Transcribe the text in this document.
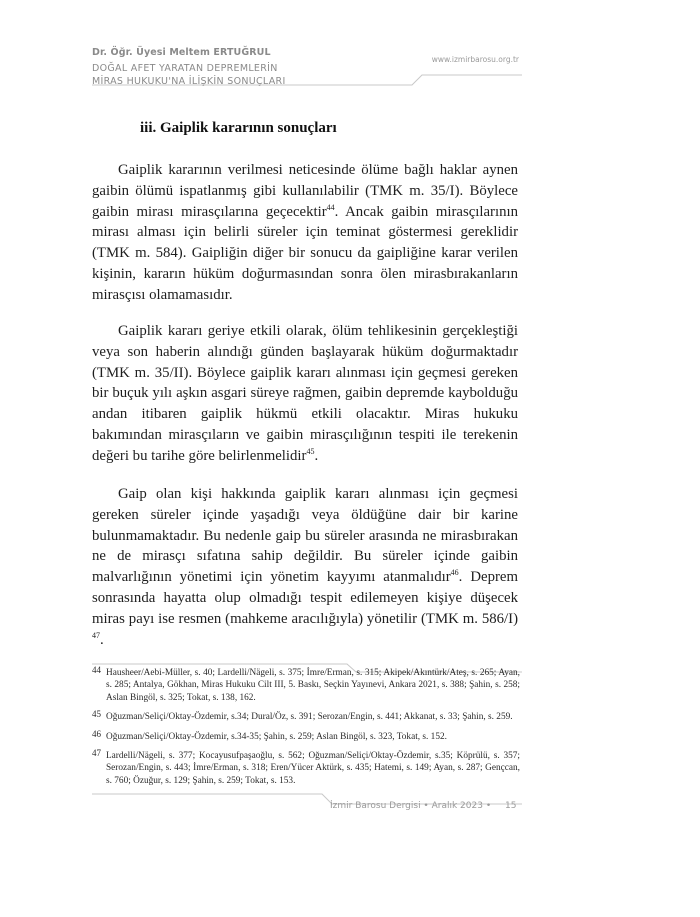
Dr. Öğr. Üyesi Meltem ERTUĞRUL
DOĞAL AFET YARATAN DEPREMLERİN
MİRAS HUKUKU'NA İLİŞKİN SONUÇLARI
www.izmirbarosu.org.tr
iii. Gaiplik kararının sonuçları

Gaiplik kararının verilmesi neticesinde ölüme bağlı haklar aynen gaibin ölümü ispatlanmış gibi kullanılabilir (TMK m. 35/I). Böylece gaibin mirası mirasçılarına geçecektir$^{44}$. Ancak gaibin mirasçılarının mirası alması için belirli süreler için teminat göstermesi gereklidir (TMK m. 584). Gaipliğin diğer bir sonucu da gaipliğine karar verilen kişinin, kararın hüküm doğurmasından sonra ölen mirasbırakanların mirasçısı olamamasıdır.

Gaiplik kararı geriye etkili olarak, ölüm tehlikesinin gerçekleştiği veya son haberin alındığı günden başlayarak hüküm doğurmaktadır (TMK m. 35/II). Böylece gaiplik kararı alınması için geçmesi gereken bir buçuk yılı aşkın asgari süreye rağmen, gaibin depremde kaybolduğu andan itibaren gaiplik hükmü etkili olacaktır. Miras hukuku bakımından mirasçıların ve gaibin mirasçılığının tespiti ile terekenin değeri bu tarihe göre belirlenmelidir$^{45}$.

Gaip olan kişi hakkında gaiplik kararı alınması için geçmesi gereken süreler içinde yaşadığı veya öldüğüne dair bir karine bulunmamaktadır. Bu nedenle gaip bu süreler arasında ne mirasbırakan ne de mirasçı sıfatına sahip değildir. Bu süreler içinde gaibin malvarlığının yönetimi için yönetim kayyımı atanmalıdır$^{46}$. Deprem sonrasında hayatta olup olmadığı tespit edilemeyen kişiye düşecek miras payı ise resmen (mahkeme aracılığıyla) yönetilir (TMK m. 586/I) $^{47}$.

44 Hausheer/Aebi-Müller, s. 40; Lardelli/Nägeli, s. 375; İmre/Erman, s. 315; Akipek/Akıntürk/Ateş, s. 265; Ayan, s. 285; Antalya, Gökhan, Miras Hukuku Cilt III, 5. Baskı, Seçkin Yayınevi, Ankara 2021, s. 388; Şahin, s. 258; Aslan Bingöl, s. 325; Tokat, s. 138, 162.
45 Oğuzman/Seliçi/Oktay-Özdemir, s.34; Dural/Öz, s. 391; Serozan/Engin, s. 441; Akkanat, s. 33; Şahin, s. 259.
46 Oğuzman/Seliçi/Oktay-Özdemir, s.34-35; Şahin, s. 259; Aslan Bingöl, s. 323, Tokat, s. 152.
47 Lardelli/Nägeli, s. 377; Kocayusufpaşaoğlu, s. 562; Oğuzman/Seliçi/Oktay-Özdemir, s.35; Köprülü, s. 357; Serozan/Engin, s. 443; İmre/Erman, s. 318; Eren/Yücer Aktürk, s. 435; Hatemi, s. 149; Ayan, s. 287; Gençcan, s. 760; Özuğur, s. 129; Şahin, s. 259; Tokat, s. 153.
İzmir Barosu Dergisi • Aralık 2023 • 15
